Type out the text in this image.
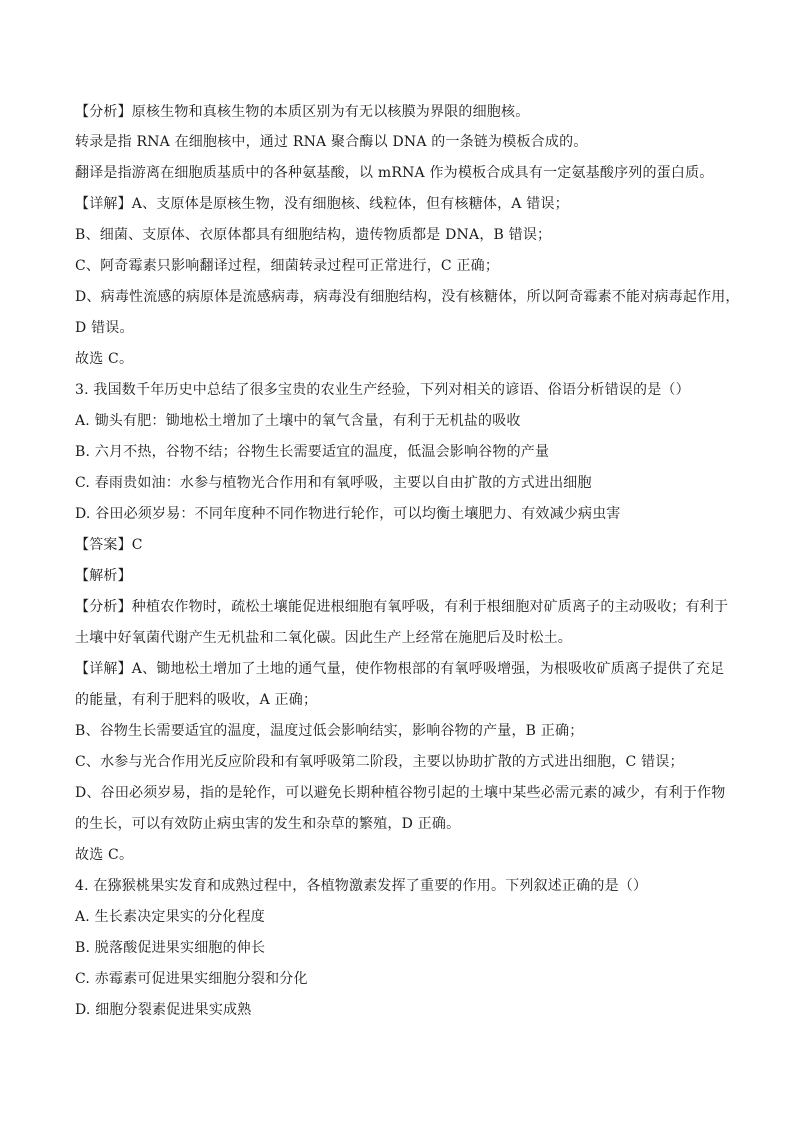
【分析】原核生物和真核生物的本质区别为有无以核膜为界限的细胞核。
转录是指 RNA 在细胞核中，通过 RNA 聚合酶以 DNA 的一条链为模板合成的。
翻译是指游离在细胞质基质中的各种氨基酸，以 mRNA 作为模板合成具有一定氨基酸序列的蛋白质。
【详解】A、支原体是原核生物，没有细胞核、线粒体，但有核糖体，A 错误；
B、细菌、支原体、衣原体都具有细胞结构，遗传物质都是 DNA，B 错误；
C、阿奇霉素只影响翻译过程，细菌转录过程可正常进行，C 正确；
D、病毒性流感的病原体是流感病毒，病毒没有细胞结构，没有核糖体，所以阿奇霉素不能对病毒起作用，
D 错误。
故选 C。
3. 我国数千年历史中总结了很多宝贵的农业生产经验，下列对相关的谚语、俗语分析错误的是（）
A. 锄头有肥：锄地松土增加了土壤中的氧气含量，有利于无机盐的吸收
B. 六月不热，谷物不结；谷物生长需要适宜的温度，低温会影响谷物的产量
C. 春雨贵如油：水参与植物光合作用和有氧呼吸，主要以自由扩散的方式进出细胞
D. 谷田必须岁易：不同年度种不同作物进行轮作，可以均衡土壤肥力、有效减少病虫害
【答案】C
【解析】
【分析】种植农作物时，疏松土壤能促进根细胞有氧呼吸，有利于根细胞对矿质离子的主动吸收；有利于
土壤中好氧菌代谢产生无机盐和二氧化碳。因此生产上经常在施肥后及时松土。
【详解】A、锄地松土增加了土地的通气量，使作物根部的有氧呼吸增强，为根吸收矿质离子提供了充足
的能量，有利于肥料的吸收，A 正确；
B、谷物生长需要适宜的温度，温度过低会影响结实，影响谷物的产量，B 正确；
C、水参与光合作用光反应阶段和有氧呼吸第二阶段，主要以协助扩散的方式进出细胞，C 错误；
D、谷田必须岁易，指的是轮作，可以避免长期种植谷物引起的土壤中某些必需元素的减少，有利于作物
的生长，可以有效防止病虫害的发生和杂草的繁殖，D 正确。
故选 C。
4. 在猕猴桃果实发育和成熟过程中，各植物激素发挥了重要的作用。下列叙述正确的是（）
A. 生长素决定果实的分化程度
B. 脱落酸促进果实细胞的伸长
C. 赤霉素可促进果实细胞分裂和分化
D. 细胞分裂素促进果实成熟
